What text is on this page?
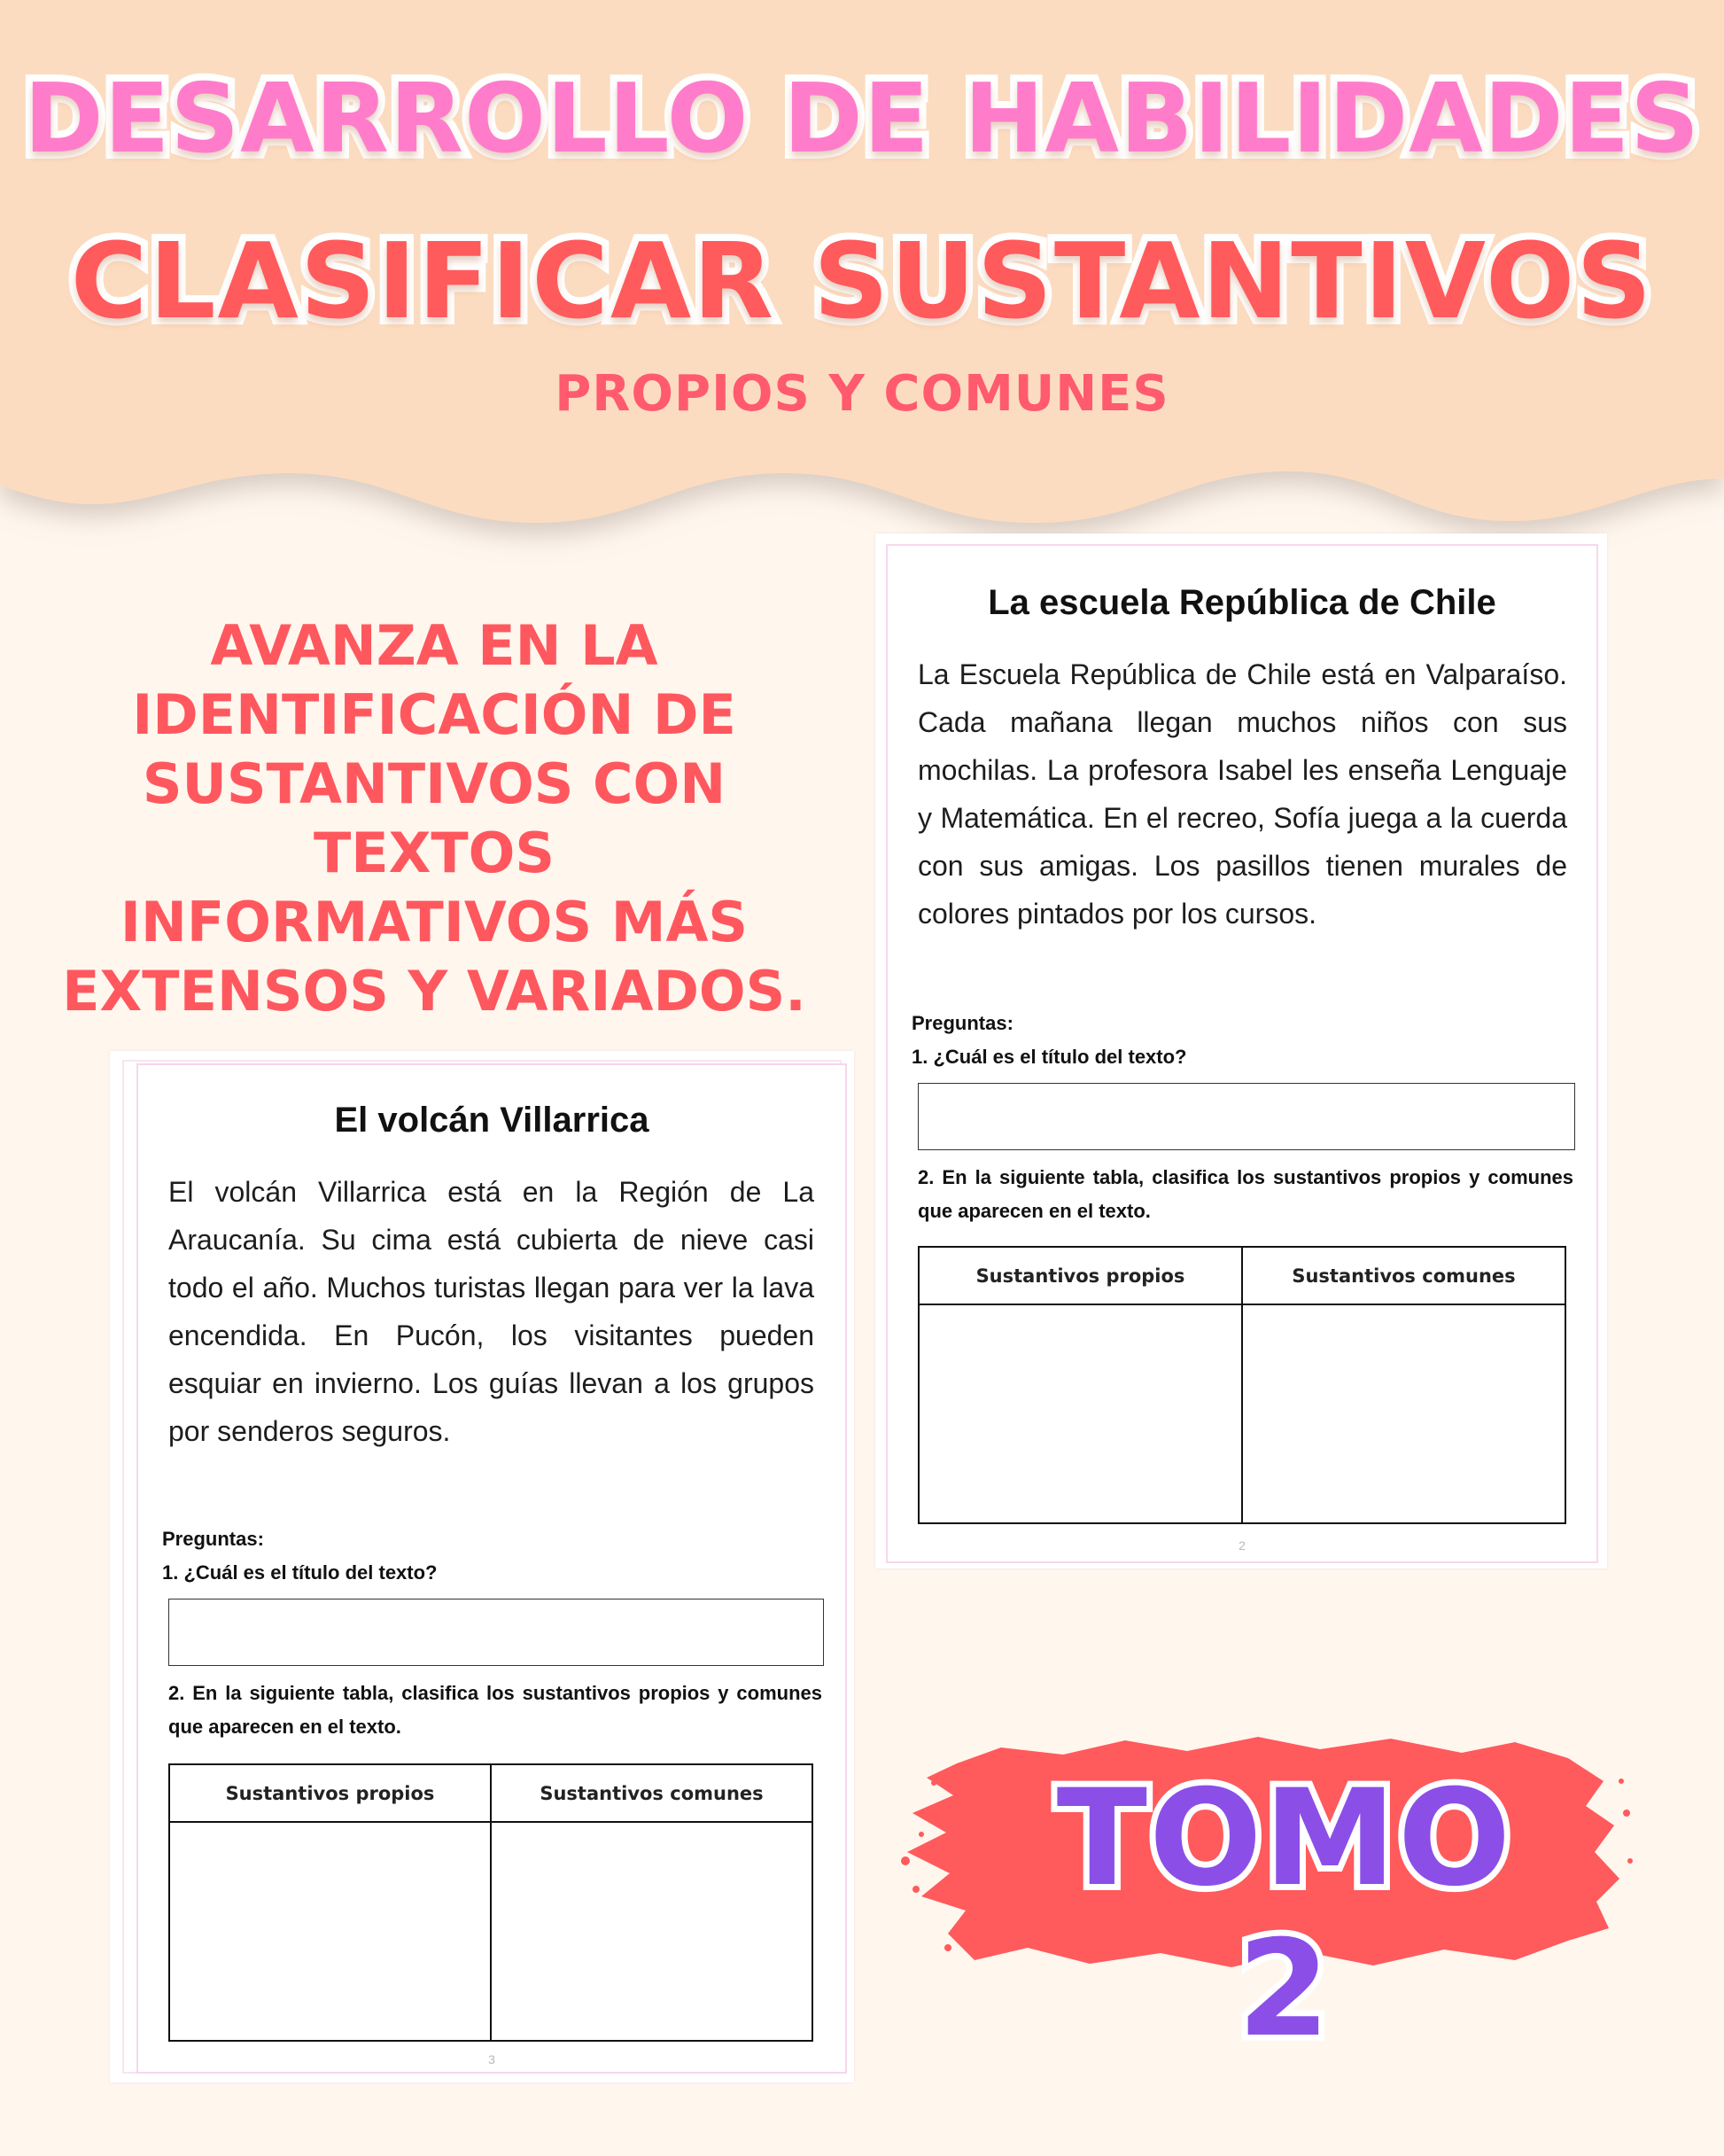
DESARROLLO DE HABILIDADES
CLASIFICAR SUSTANTIVOS
PROPIOS Y COMUNES
AVANZA EN LA
IDENTIFICACIÓN DE
SUSTANTIVOS CON TEXTOS
INFORMATIVOS MÁS
EXTENSOS Y VARIADOS.
La escuela República de Chile
La Escuela República de Chile está en Valparaíso. Cada mañana llegan muchos niños con sus mochilas. La profesora Isabel les enseña Lenguaje y Matemática. En el recreo, Sofía juega a la cuerda con sus amigas. Los pasillos tienen murales de colores pintados por los cursos.
Preguntas:
1. ¿Cuál es el título del texto?
2. En la siguiente tabla, clasifica los sustantivos propios y comunes que aparecen en el texto.
Sustantivos propios	Sustantivos comunes

2
El volcán Villarrica
El volcán Villarrica está en la Región de La Araucanía. Su cima está cubierta de nieve casi todo el año. Muchos turistas llegan para ver la lava encendida. En Pucón, los visitantes pueden esquiar en invierno. Los guías llevan a los grupos por senderos seguros.
Preguntas:
1. ¿Cuál es el título del texto?
2. En la siguiente tabla, clasifica los sustantivos propios y comunes que aparecen en el texto.
Sustantivos propios	Sustantivos comunes

3
TOMO 2
